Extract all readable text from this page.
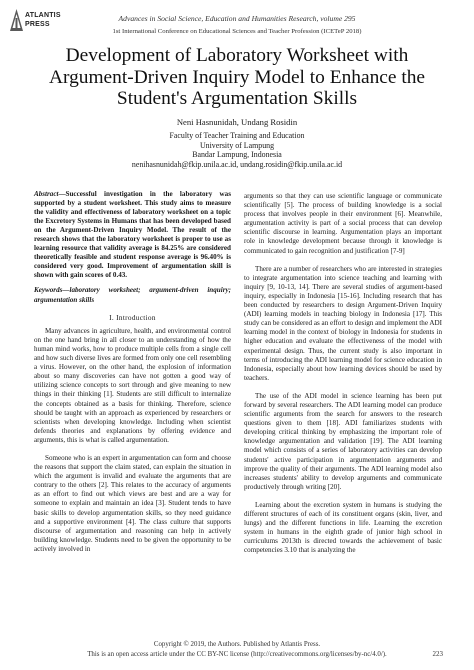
ATLANTIS
PRESS
Advances in Social Science, Education and Humanities Research, volume 295
1st International Conference on Educational Sciences and Teacher Profession (ICETeP 2018)
Development of Laboratory Worksheet with Argument-Driven Inquiry Model to Enhance the Student's Argumentation Skills
Neni Hasnunidah, Undang Rosidin
Faculty of Teacher Training and Education
University of Lampung
Bandar Lampung, Indonesia
nenihasnunidah@fkip.unila.ac.id, undang.rosidin@fkip.unila.ac.id

Abstract—Successful investigation in the laboratory was supported by a student worksheet. This study aims to measure the validity and effectiveness of laboratory worksheet on a topic the Excretory Systems in Humans that has been developed based on the Argument-Driven Inquiry Model. The result of the research shows that the laboratory worksheet is proper to use as learning resource that validity average is 84.25% are considered theoretically feasible and student response average is 96.40% is considered very good. Improvement of argumentation skill is shown with gain scores of 0.43.

Keywords—laboratory worksheet; argument-driven inquiry; argumentation skills

I. Introduction

Many advances in agriculture, health, and environmental control on the one hand bring in all closer to an understanding of how the human mind works, how to produce multiple cells from a single cell and how such diverse lives are formed from only one cell resembling a virus. However, on the other hand, the explosion of information about so many discoveries can have not gotten a good way of utilizing science concepts to sort through and give meaning to new things in their thinking [1]. Students are still difficult to internalize the concepts obtained as a basis for thinking. Therefore, science should be taught with an approach as experienced by researchers or scientists when developing knowledge. Including when scientist defends theories and explanations by offering evidence and arguments, this is what is called argumentation.

Someone who is an expert in argumentation can form and choose the reasons that support the claim stated, can explain the situation in which the argument is invalid and evaluate the arguments that are contrary to the others [2]. This relates to the accuracy of arguments as an effort to find out which views are best and are a way for someone to explain and maintain an idea [3]. Student tends to have basic skills to develop argumentation skills, so they need guidance and a supportive environment [4]. The class culture that supports discourse of argumentation and reasoning can help in actively building knowledge. Students need to be given the opportunity to be actively involved in

arguments so that they can use scientific language or communicate scientifically [5]. The process of building knowledge is a social process that involves people in their environment [6]. Meanwhile, argumentation activity is part of a social process that can develop scientific discourse in learning. Argumentation plays an important role in knowledge development because through it knowledge is communicated to gain recognition and justification [7-9]

There are a number of researchers who are interested in strategies to integrate argumentation into science teaching and learning with inquiry [9, 10-13, 14]. There are several studies of argument-based inquiry, especially in Indonesia [15-16]. Including research that has been conducted by researchers to design Argument-Driven Inquiry (ADI) learning models in teaching biology in Indonesia [17]. This study can be considered as an effort to design and implement the ADI learning model in the context of biology in Indonesia for students in higher education and evaluate the effectiveness of the model with experimental design. Thus, the current study is also important in terms of introducing the ADI learning model for science education in Indonesia, especially about how learning devices should be used by teachers.

The use of the ADI model in science learning has been put forward by several researchers. The ADI learning model can produce scientific arguments from the search for answers to the research questions given to them [18]. ADI familiarizes students with developing critical thinking by emphasizing the important role of knowledge argumentation and validation [19]. The ADI learning model which consists of a series of laboratory activities can develop students' active participation in argumentation arguments and improve the quality of their arguments. The ADI learning model also increases students' ability to develop arguments and communicate productively through writing [20].

Learning about the excretion system in humans is studying the different structures of each of its constituent organs (skin, liver, and lungs) and the different functions in life. Learning the excretion system in humans in the eighth grade of junior high school in curriculums 2013th is directed towards the achievement of basic competencies 3.10 that is analyzing the

Copyright © 2019, the Authors. Published by Atlantis Press.
This is an open access article under the CC BY-NC license (http://creativecommons.org/licenses/by-nc/4.0/).	223
